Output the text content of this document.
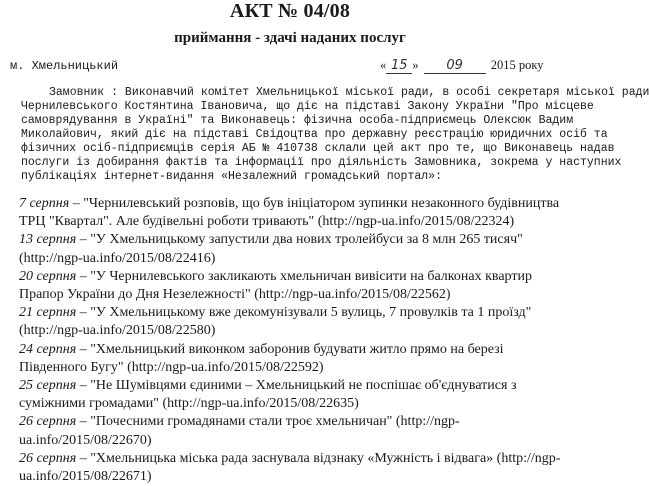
АКТ № 04/08
приймання - здачі наданих послуг
м. Хмельницький	« 15 » 09 2015 року
Замовник : Виконавчий комітет Хмельницької міської ради, в особі секретаря міської ради
Чернилевського Костянтина Івановича, що діє на підставі Закону України "Про місцеве
самоврядування в Україні" та Виконавець: фізична особа-підприємець Олексюк Вадим
Миколайович, який діє на підставі Свідоцтва про державну реєстрацію юридичних осіб та
фізичних осіб-підприємців серія АБ № 410738 склали цей акт про те, що Виконавець надав
послуги із добирання фактів та інформації про діяльність Замовника, зокрема у наступних
публікаціях інтернет-видання «Незалежний громадський портал»:
7 серпня – "Чернилевський розповів, що був ініціатором зупинки незаконного будівництва
ТРЦ "Квартал". Але будівельні роботи тривають" (http://ngp-ua.info/2015/08/22324)
13 серпня – "У Хмельницькому запустили два нових тролейбуси за 8 млн 265 тисяч"
(http://ngp-ua.info/2015/08/22416)
20 серпня – "У Чернилевського закликають хмельничан вивісити на балконах квартир
Прапор України до Дня Незележності" (http://ngp-ua.info/2015/08/22562)
21 серпня – "У Хмельницькому вже декомунізували 5 вулиць, 7 провулків та 1 проїзд"
(http://ngp-ua.info/2015/08/22580)
24 серпня – "Хмельницький виконком заборонив будувати житло прямо на березі
Південного Бугу" (http://ngp-ua.info/2015/08/22592)
25 серпня – "Не Шумівцями єдиними – Хмельницький не поспішає об'єднуватися з
суміжними громадами" (http://ngp-ua.info/2015/08/22635)
26 серпня – "Почесними громадянами стали троє хмельничан" (http://ngp-
ua.info/2015/08/22670)
26 серпня – "Хмельницька міська рада заснувала відзнаку «Мужність і відвага» (http://ngp-
ua.info/2015/08/22671)
